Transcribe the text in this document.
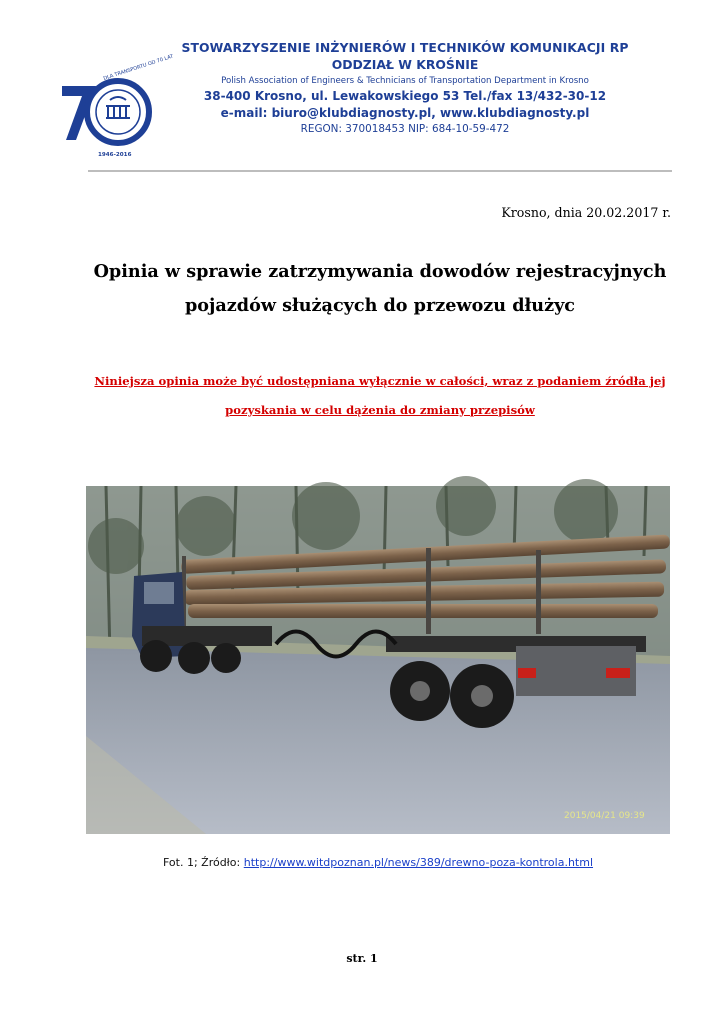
DLA TRANSPORTU OD 70 LAT
1946-2016
STOWARZYSZENIE INŻYNIERÓW I TECHNIKÓW KOMUNIKACJI RP
ODDZIAŁ W KROŚNIE
Polish Association of Engineers & Technicians of Transportation Department in Krosno
38-400 Krosno, ul. Lewakowskiego 53 Tel./fax 13/432-30-12
e-mail: biuro@klubdiagnosty.pl, www.klubdiagnosty.pl
REGON: 370018453 NIP: 684-10-59-472
Krosno, dnia 20.02.2017 r.
Opinia w sprawie zatrzymywania dowodów rejestracyjnych
pojazdów służących do przewozu dłużyc
Niniejsza opinia może być udostępniana wyłącznie w całości, wraz z podaniem źródła jej
pozyskania w celu dążenia do zmiany przepisów
2015/04/21 09:39
Fot. 1; Źródło: http://www.witdpoznan.pl/news/389/drewno-poza-kontrola.html
str. 1
